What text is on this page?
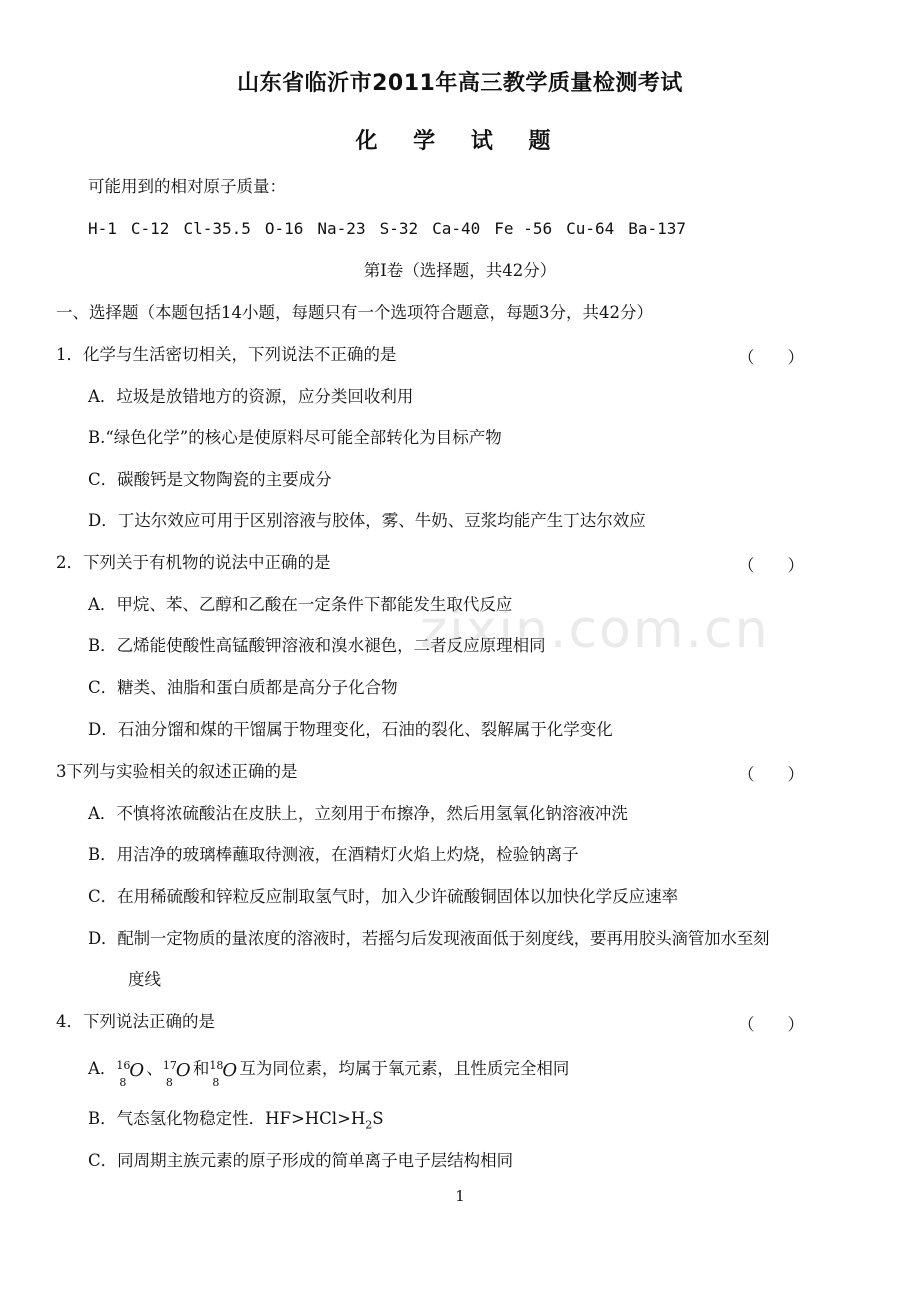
山东省临沂市2011年高三教学质量检测考试
化 学 试 题
可能用到的相对原子质量：
H-1 C-12 Cl-35.5 O-16 Na-23 S-32 Ca-40 Fe -56 Cu-64 Ba-137
第Ⅰ卷（选择题，共42分）
一、选择题（本题包括14小题，每题只有一个选项符合题意，每题3分，共42分）
1．化学与生活密切相关，下列说法不正确的是	（　　）
A．垃圾是放错地方的资源，应分类回收利用
B.“绿色化学”的核心是使原料尽可能全部转化为目标产物
C．碳酸钙是文物陶瓷的主要成分
D．丁达尔效应可用于区别溶液与胶体，雾、牛奶、豆浆均能产生丁达尔效应
2．下列关于有机物的说法中正确的是	（　　）
A．甲烷、苯、乙醇和乙酸在一定条件下都能发生取代反应
B．乙烯能使酸性高锰酸钾溶液和溴水褪色，二者反应原理相同
C．糖类、油脂和蛋白质都是高分子化合物
D．石油分馏和煤的干馏属于物理变化，石油的裂化、裂解属于化学变化
3下列与实验相关的叙述正确的是	（　　）
A．不慎将浓硫酸沾在皮肤上，立刻用于布擦净，然后用氢氧化钠溶液冲洗
B．用洁净的玻璃棒蘸取待测液，在酒精灯火焰上灼烧，检验钠离子
C．在用稀硫酸和锌粒反应制取氢气时，加入少许硫酸铜固体以加快化学反应速率
D．配制一定物质的量浓度的溶液时，若摇匀后发现液面低于刻度线，要再用胶头滴管加水至刻
度线
4．下列说法正确的是	（　　）
A． 16
8
O 、 17
8
O 和 18
8
O 互为同位素，均属于氧元素，且性质完全相同
B．气态氢化物稳定性．$HF>HCl>H_2S$
C．同周期主族元素的原子形成的简单离子电子层结构相同
zixin.com.cn
1
